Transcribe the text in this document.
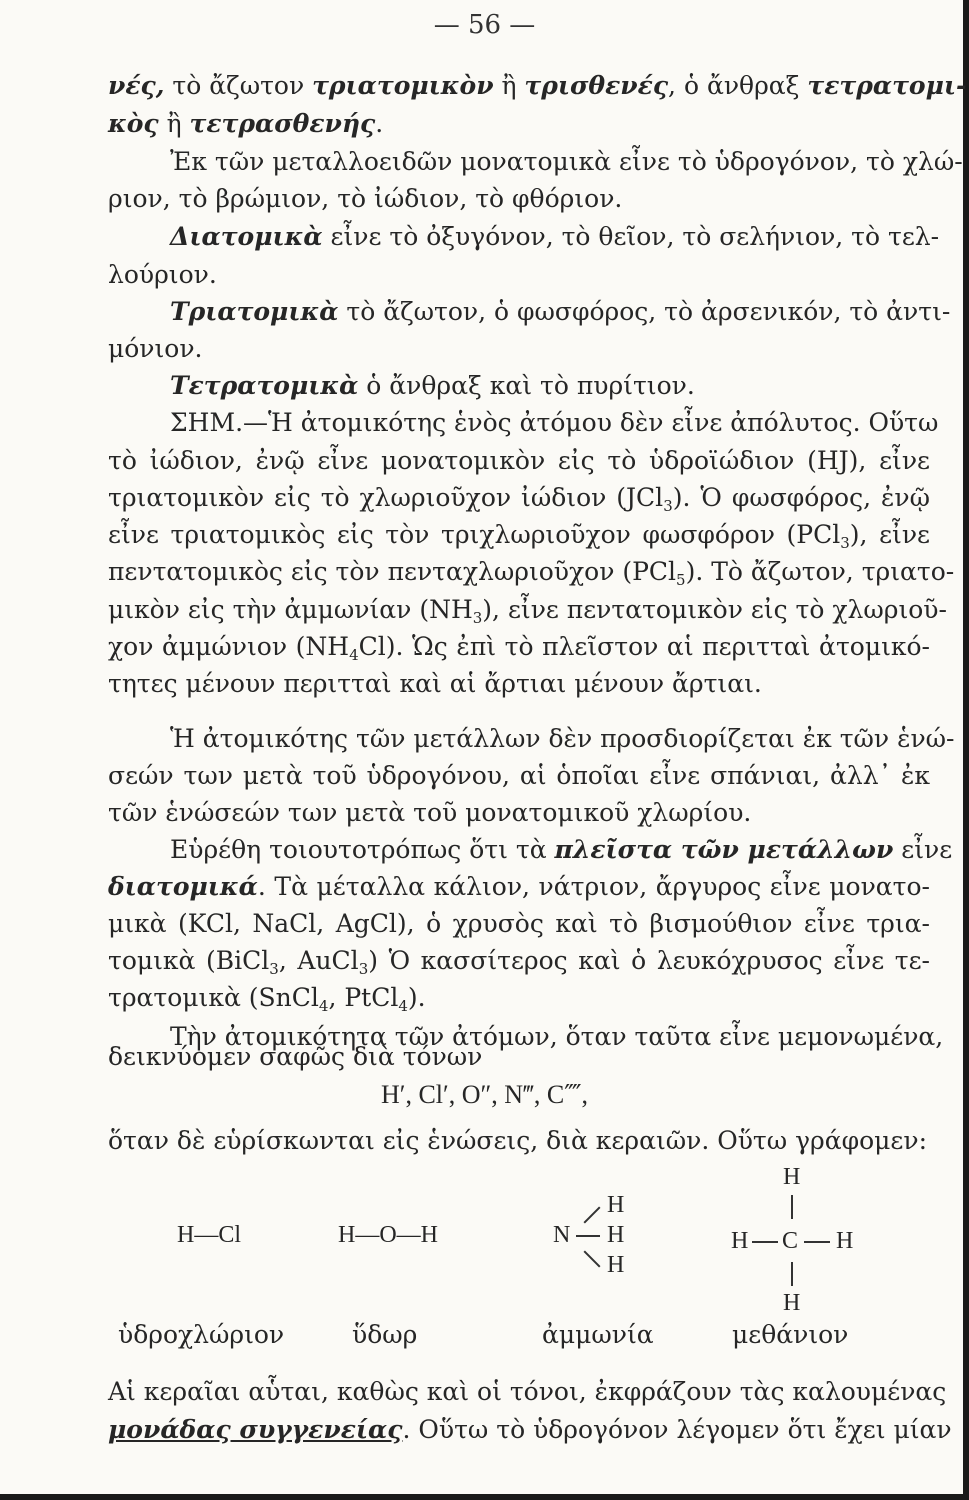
— 56 —
νές, τὸ ἄζωτον τριατομικὸν ἢ τρισθενές, ὁ ἄνθραξ τετρατομι-
κὸς ἢ τετρασθενής.
Ἐκ τῶν μεταλλοειδῶν μονατομικὰ εἶνε τὸ ὑδρογόνον, τὸ χλώ-
ριον, τὸ βρώμιον, τὸ ἰώδιον, τὸ φθόριον.
Διατομικὰ εἶνε τὸ ὀξυγόνον, τὸ θεῖον, τὸ σελήνιον, τὸ τελ-
λούριον.
Τριατομικὰ τὸ ἄζωτον, ὁ φωσφόρος, τὸ ἀρσενικόν, τὸ ἀντι-
μόνιον.
Τετρατομικὰ ὁ ἄνθραξ καὶ τὸ πυρίτιον.
ΣΗΜ.—Ἡ ἀτομικότης ἑνὸς ἀτόμου δὲν εἶνε ἀπόλυτος. Οὕτω
τὸ ἰώδιον, ἐνῷ εἶνε μονατομικὸν εἰς τὸ ὑδροϊώδιον (HJ), εἶνε
τριατομικὸν εἰς τὸ χλωριοῦχον ἰώδιον (JCl$_3$). Ὁ φωσφόρος, ἐνῷ
εἶνε τριατομικὸς εἰς τὸν τριχλωριοῦχον φωσφόρον (PCl$_3$), εἶνε
πεντατομικὸς εἰς τὸν πενταχλωριοῦχον (PCl$_5$). Τὸ ἄζωτον, τριατο-
μικὸν εἰς τὴν ἀμμωνίαν $(NH_3)$, εἶνε πεντατομικὸν εἰς τὸ χλωριοῦ-
χον ἀμμώνιον $(NH_4Cl)$. Ὡς ἐπὶ τὸ πλεῖστον αἱ περιτταὶ ἀτομικό-
τητες μένουν περιτταὶ καὶ αἱ ἄρτιαι μένουν ἄρτιαι.
Ἡ ἀτομικότης τῶν μετάλλων δὲν προσδιορίζεται ἐκ τῶν ἑνώ-
σεών των μετὰ τοῦ ὑδρογόνου, αἱ ὁποῖαι εἶνε σπάνιαι, ἀλλ᾿ ἐκ
τῶν ἑνώσεών των μετὰ τοῦ μονατομικοῦ χλωρίου.
Εὑρέθη τοιουτοτρόπως ὅτι τὰ πλεῖστα τῶν μετάλλων εἶνε
διατομικά. Τὰ μέταλλα κάλιον, νάτριον, ἄργυρος εἶνε μονατο-
μικὰ (KCl, NaCl, AgCl), ὁ χρυσὸς καὶ τὸ βισμούθιον εἶνε τρια-
τομικὰ (BiCl$_3$, AuCl$_3$) Ὁ κασσίτερος καὶ ὁ λευκόχρυσος εἶνε τε-
τρατομικὰ (SnCl$_4$, PtCl$_4$).
Τὴν ἀτομικότητα τῶν ἀτόμων, ὅταν ταῦτα εἶνε μεμονωμένα,
δεικνύομεν σαφῶς διὰ τόνων
H′, Cl′, O″, N‴, C⁗,
ὅταν δὲ εὑρίσκωνται εἰς ἑνώσεις, διὰ κεραιῶν. Οὕτω γράφομεν:
H—Cl	H—O—H
H
N H
H
H
H C H
H
ὑδροχλώριον	ὕδωρ	ἀμμωνία	μεθάνιον
Αἱ κεραῖαι αὗται, καθὼς καὶ οἱ τόνοι, ἐκφράζουν τὰς καλουμένας
μονάδας συγγενείας. Οὕτω τὸ ὑδρογόνον λέγομεν ὅτι ἔχει μίαν
